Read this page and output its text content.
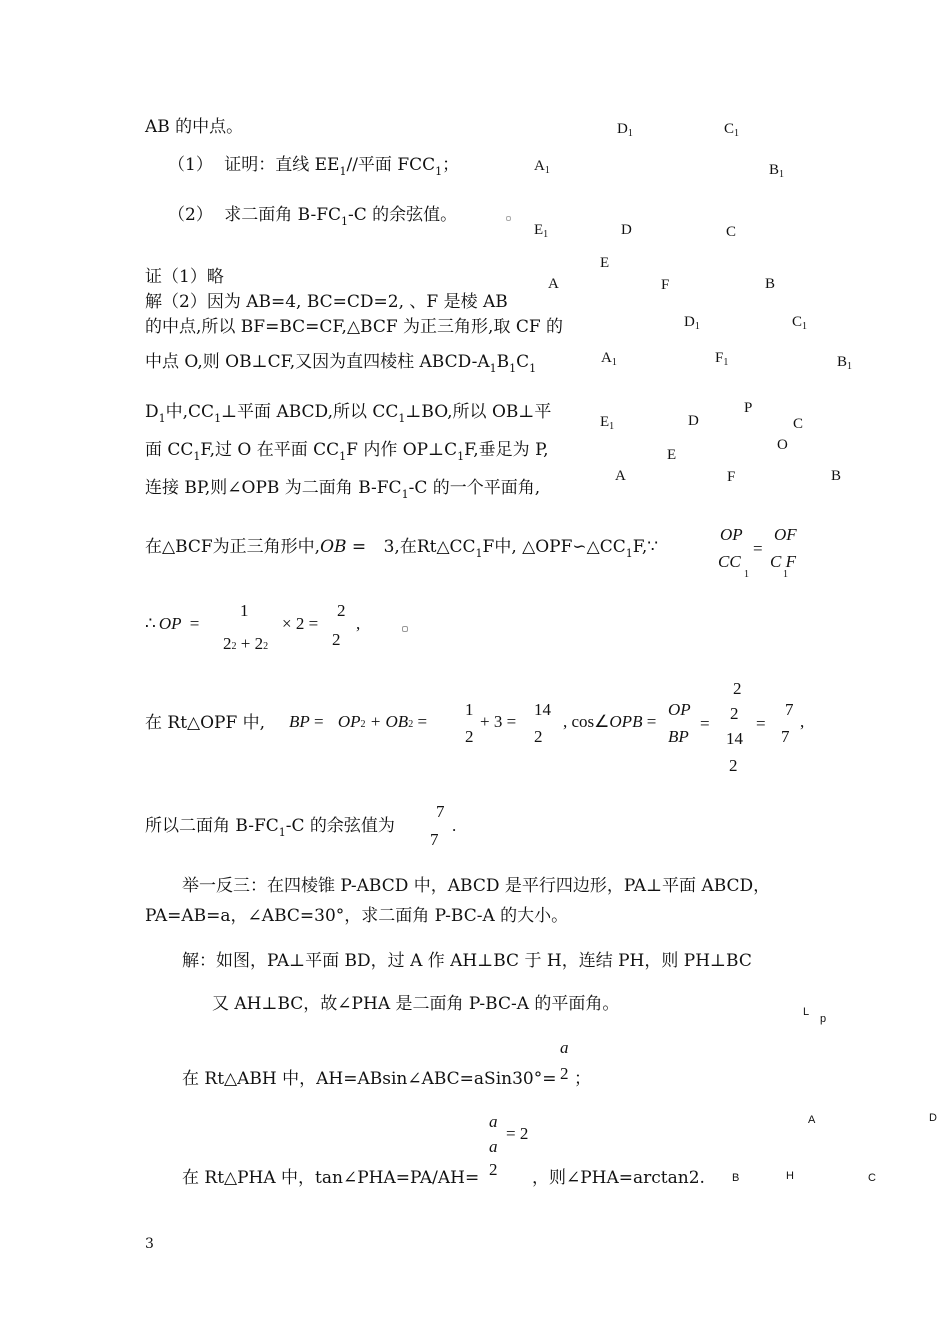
AB 的中点。
（1） 证明：直线 $EE_1//$平面 $FCC_1$；
（2） 求二面角 $B-FC_1-C$ 的余弦值。
证（1）略
解（2）因为 AB=4, BC=CD=2, 、F 是棱 AB
的中点,所以 BF=BC=CF,△BCF 为正三角形,取 CF 的
中点 O,则 OB⊥CF,又因为直四棱柱 ABCD-$A_1B_1C_1$
$D_1$中$,CC_1\perp$平面 ABCD,所以 $CC_1\perp BO$,所以 OB⊥平
面 $CC_1F$,过 O 在平面 $CC_1F$ 内作 $OP\perp C_1F$,垂足为 P,
连接 BP,则∠OPB 为二面角 $B-FC_1-C$ 的一个平面角,
在△BCF为正三角形中,OB = 3,在$Rt\triangle CC_1F$中, $\triangle OPF∽\triangle CC_1F,\because$
OP
CC
1
=
OF
C F
1
∴ OP =
1
22 + 22
× 2 =
2
2
,
在 Rt△OPF 中, BP = OP2 + OB2 =
1
2
+ 3 =
14
2
, cos∠OPB =
OP
BP
=
2
2
14
2
=
7
7
,
所以二面角 $B-FC_1-C$ 的余弦值为
7
7
.
举一反三：在四棱锥 P-ABCD 中，ABCD 是平行四边形，PA⊥平面 ABCD，
PA=AB=a，∠ABC=30°，求二面角 P-BC-A 的大小。
解：如图，PA⊥平面 BD，过 A 作 AH⊥BC 于 H，连结 PH，则 PH⊥BC
又 AH⊥BC，故∠PHA 是二面角 P-BC-A 的平面角。
在 Rt△ABH 中，AH=ABsin∠ABC=aSin30°=
a
2 ；
a
a
= 2
在 Rt△PHA 中，tan∠PHA=PA/AH= 2 ，则∠PHA=arctan2.
$D_1$	$C_1$
$A_1$	$B_1$
$E_1$	D	C
E
A	F	B
$D_1$	$C_1$
$A_1$	$F_1$	$B_1$
$E_1$	D
P
C
O
E
A	F	B
L
p
A	D
B	H	C
3
